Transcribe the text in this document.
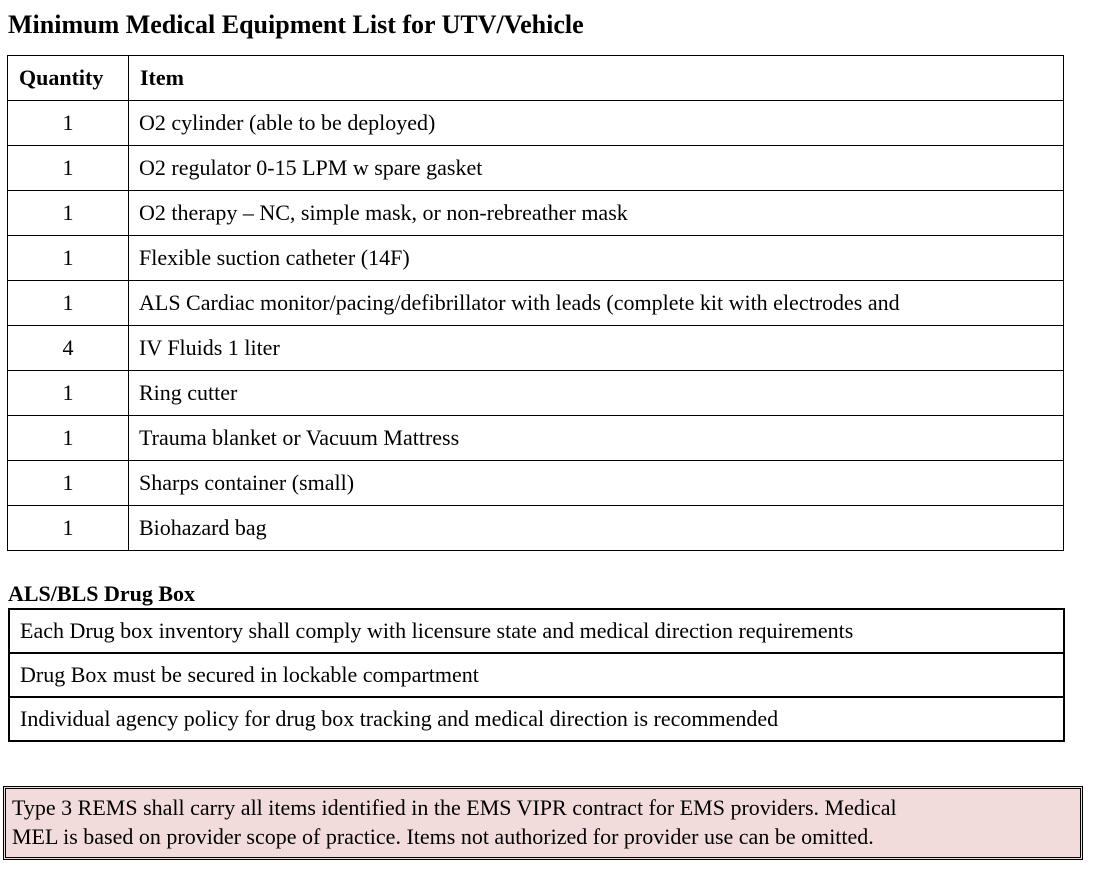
Minimum Medical Equipment List for UTV/Vehicle
Quantity	Item
1	O2 cylinder (able to be deployed)
1	O2 regulator 0-15 LPM w spare gasket
1	O2 therapy – NC, simple mask, or non-rebreather mask
1	Flexible suction catheter (14F)
1	ALS Cardiac monitor/pacing/defibrillator with leads (complete kit with electrodes and
4	IV Fluids 1 liter
1	Ring cutter
1	Trauma blanket or Vacuum Mattress
1	Sharps container (small)
1	Biohazard bag
ALS/BLS Drug Box
Each Drug box inventory shall comply with licensure state and medical direction requirements
Drug Box must be secured in lockable compartment
Individual agency policy for drug box tracking and medical direction is recommended
Type 3 REMS shall carry all items identified in the EMS VIPR contract for EMS providers. Medical
MEL is based on provider scope of practice. Items not authorized for provider use can be omitted.
